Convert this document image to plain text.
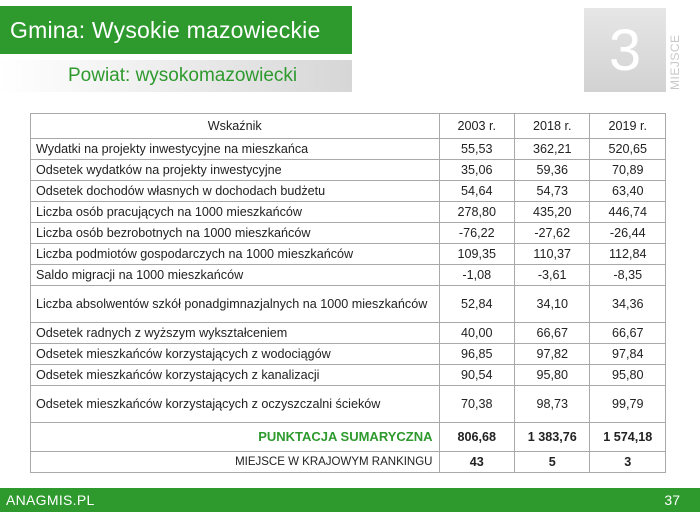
Gmina: Wysokie mazowieckie
Powiat: wysokomazowiecki	3 MIEJSCE
Wskaźnik	2003 r.	2018 r.	2019 r.
Wydatki na projekty inwestycyjne na mieszkańca	55,53	362,21	520,65
Odsetek wydatków na projekty inwestycyjne	35,06	59,36	70,89
Odsetek dochodów własnych w dochodach budżetu	54,64	54,73	63,40
Liczba osób pracujących na 1000 mieszkańców	278,80	435,20	446,74
Liczba osób bezrobotnych na 1000 mieszkańców	-76,22	-27,62	-26,44
Liczba podmiotów gospodarczych na 1000 mieszkańców	109,35	110,37	112,84
Saldo migracji na 1000 mieszkańców	-1,08	-3,61	-8,35
Liczba absolwentów szkół ponadgimnazjalnych na 1000 mieszkańców	52,84	34,10	34,36
Odsetek radnych z wyższym wykształceniem	40,00	66,67	66,67
Odsetek mieszkańców korzystających z wodociągów	96,85	97,82	97,84
Odsetek mieszkańców korzystających z kanalizacji	90,54	95,80	95,80
Odsetek mieszkańców korzystających z oczyszczalni ścieków	70,38	98,73	99,79
PUNKTACJA SUMARYCZNA	806,68	1 383,76	1 574,18
MIEJSCE W KRAJOWYM RANKINGU	43	5	3
ANAGMIS.PL	37
